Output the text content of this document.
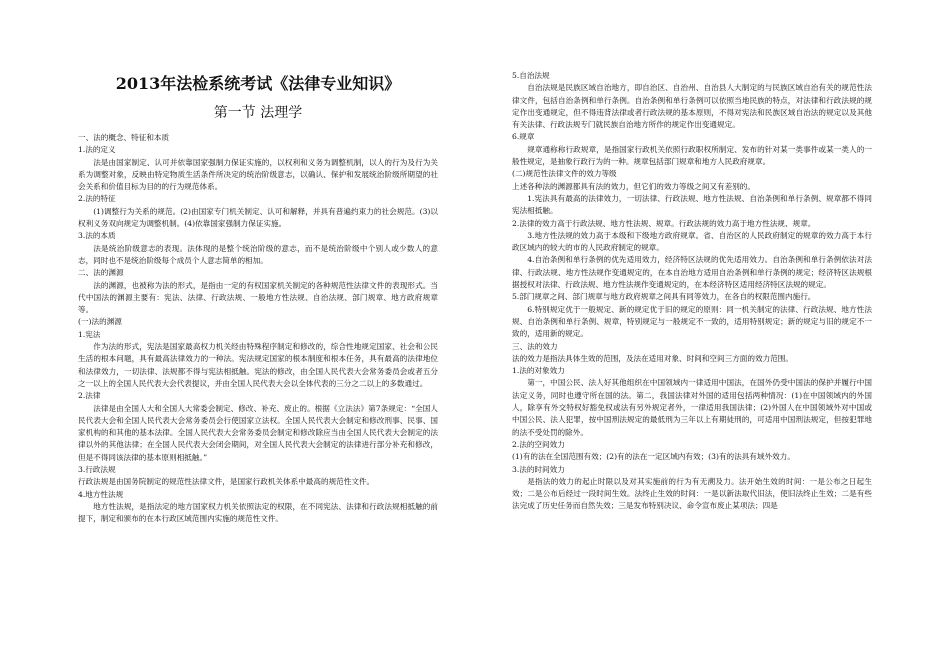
2013年法检系统考试《法律专业知识》
第一节 法理学

一、法的概念、特征和本质

1.法的定义

法是由国家制定、认可并依靠国家强制力保证实施的，以权利和义务为调整机制，以人的行为及行为关系为调整对象，反映由特定物质生活条件所决定的统治阶级意志，以确认、保护和发展统治阶级所期望的社会关系和价值目标为目的的行为规范体系。

2.法的特征

(1)调整行为关系的规范。(2)由国家专门机关制定、认可和解释，并具有普遍约束力的社会规范。(3)以权利义务双向规定为调整机制。(4)依靠国家强制力保证实施。

3.法的本质

法是统治阶级意志的表现。法体现的是整个统治阶级的意志，而不是统治阶级中个别人或少数人的意志，同时也不是统治阶级每个成员个人意志简单的相加。

二、法的渊源

法的渊源，也被称为法的形式，是指由一定的有权国家机关制定的各种规范性法律文件的表现形式。当代中国法的渊源主要有：宪法、法律、行政法规、一般地方性法规、自治法规、部门规章、地方政府规章等。

(一)法的渊源

1.宪法

作为法的形式，宪法是国家最高权力机关经由特殊程序制定和修改的，综合性地规定国家、社会和公民生活的根本问题，具有最高法律效力的一种法。宪法规定国家的根本制度和根本任务，具有最高的法律地位和法律效力，一切法律、法规都不得与宪法相抵触。宪法的修改，由全国人民代表大会常务委员会或者五分之一以上的全国人民代表大会代表提议，并由全国人民代表大会以全体代表的三分之二以上的多数通过。

2.法律

法律是由全国人大和全国人大常委会制定、修改、补充、废止的。根据《立法法》第7条规定：“全国人民代表大会和全国人民代表大会常务委员会行使国家立法权。全国人民代表大会制定和修改刑事、民事、国家机构的和其他的基本法律。全国人民代表大会常务委员会制定和修改除应当由全国人民代表大会制定的法律以外的其他法律；在全国人民代表大会闭会期间，对全国人民代表大会制定的法律进行部分补充和修改，但是不得同该法律的基本原则相抵触。”

3.行政法规

行政法规是由国务院制定的规范性法律文件，是国家行政机关体系中最高的规范性文件。

4.地方性法规

地方性法规，是指法定的地方国家权力机关依照法定的权限，在不同宪法、法律和行政法规相抵触的前提下，制定和颁布的在本行政区域范围内实施的规范性文件。

5.自治法规

自治法规是民族区域自治地方，即自治区、自治州、自治县人大制定的与民族区域自治有关的规范性法律文件，包括自治条例和单行条例。自治条例和单行条例可以依照当地民族的特点，对法律和行政法规的规定作出变通规定，但不得违背法律或者行政法规的基本原则，不得对宪法和民族区域自治法的规定以及其他有关法律、行政法规专门就民族自治地方所作的规定作出变通规定。

6.规章

规章通称称行政规章，是指国家行政机关依照行政职权所制定、发布的针对某一类事件或某一类人的一般性规定，是抽象行政行为的一种。规章包括部门规章和地方人民政府规章。

(二)规范性法律文件的效力等级

上述各种法的渊源都具有法的效力，但它们的效力等级之间又有差别的。

1.宪法具有最高的法律效力，一切法律、行政法规、地方性法规、自治条例和单行条例、规章都不得同宪法相抵触。

2.法律的效力高于行政法规、地方性法规、规章。行政法规的效力高于地方性法规、规章。

3.地方性法规的效力高于本级和下级地方政府规章。省、自治区的人民政府制定的规章的效力高于本行政区域内的较大的市的人民政府制定的规章。

4.自治条例和单行条例的优先适用效力，经济特区法规的优先适用效力。自治条例和单行条例依法对法律、行政法规、地方性法规作变通规定的，在本自治地方适用自治条例和单行条例的规定；经济特区法规根据授权对法律、行政法规、地方性法规作变通规定的，在本经济特区适用经济特区法规的规定。

5.部门规章之间、部门规章与地方政府规章之间具有同等效力，在各自的权限范围内施行。

6.特别规定优于一般规定、新的规定优于旧的规定的原则：同一机关制定的法律、行政法规、地方性法规、自治条例和单行条例、规章，特别规定与一般规定不一致的，适用特别规定；新的规定与旧的规定不一致的，适用新的规定。

三、法的效力

法的效力是指法具体生效的范围，及法在适用对象、时间和空间三方面的效力范围。

1.法的对象效力

第一，中国公民、法人好其他组织在中国领域内一律适用中国法，在国外仍受中国法的保护并履行中国法定义务，同时也遵守所在国的法。第二，我国法律对外国的适用包括两种情况：(1)在中国领域内的外国人，除享有外交特权好豁免权或法有另外规定者外，一律适用我国法律；(2)外国人在中国领域外对中国或中国公民、法人犯罪，按中国刑法规定的最低刑为三年以上有期徒刑的，可适用中国刑法规定，但按犯罪地的法不受处罚的除外。

2.法的空间效力

(1)有的法在全国范围有效；(2)有的法在一定区域内有效；(3)有的法具有域外效力。

3.法的时间效力

是指法的效力的起止时限以及对其实施前的行为有无溯及力。法开始生效的时间：一是公布之日起生效；二是公布后经过一段时间生效。法终止生效的时间：一是以新法取代旧法，使旧法终止生效；二是有些法完成了历史任务而自然失效；三是发布特别决议、命令宣布废止某项法；四是
